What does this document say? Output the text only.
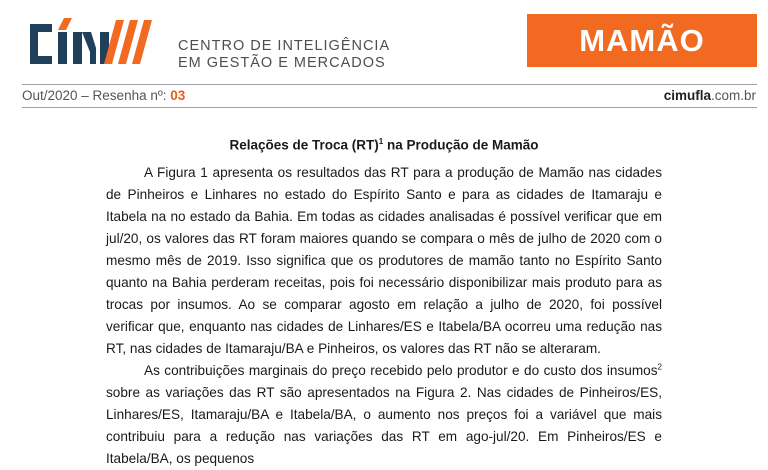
CENTRO DE INTELIGÊNCIA
EM GESTÃO E MERCADOS
MAMÃO
Out/2020 – Resenha nº: 03	cimufla.com.br
Relações de Troca (RT)$^1$ na Produção de Mamão

A Figura 1 apresenta os resultados das RT para a produção de Mamão nas cidades de Pinheiros e Linhares no estado do Espírito Santo e para as cidades de Itamaraju e Itabela na no estado da Bahia. Em todas as cidades analisadas é possível verificar que em jul/20, os valores das RT foram maiores quando se compara o mês de julho de 2020 com o mesmo mês de 2019. Isso significa que os produtores de mamão tanto no Espírito Santo quanto na Bahia perderam receitas, pois foi necessário disponibilizar mais produto para as trocas por insumos. Ao se comparar agosto em relação a julho de 2020, foi possível verificar que, enquanto nas cidades de Linhares/ES e Itabela/BA ocorreu uma redução nas RT, nas cidades de Itamaraju/BA e Pinheiros, os valores das RT não se alteraram.

As contribuições marginais do preço recebido pelo produtor e do custo dos insumos$^2$ sobre as variações das RT são apresentados na Figura 2. Nas cidades de Pinheiros/ES, Linhares/ES, Itamaraju/BA e Itabela/BA, o aumento nos preços foi a variável que mais contribuiu para a redução nas variações das RT em ago-jul/20. Em Pinheiros/ES e Itabela/BA, os pequenos
